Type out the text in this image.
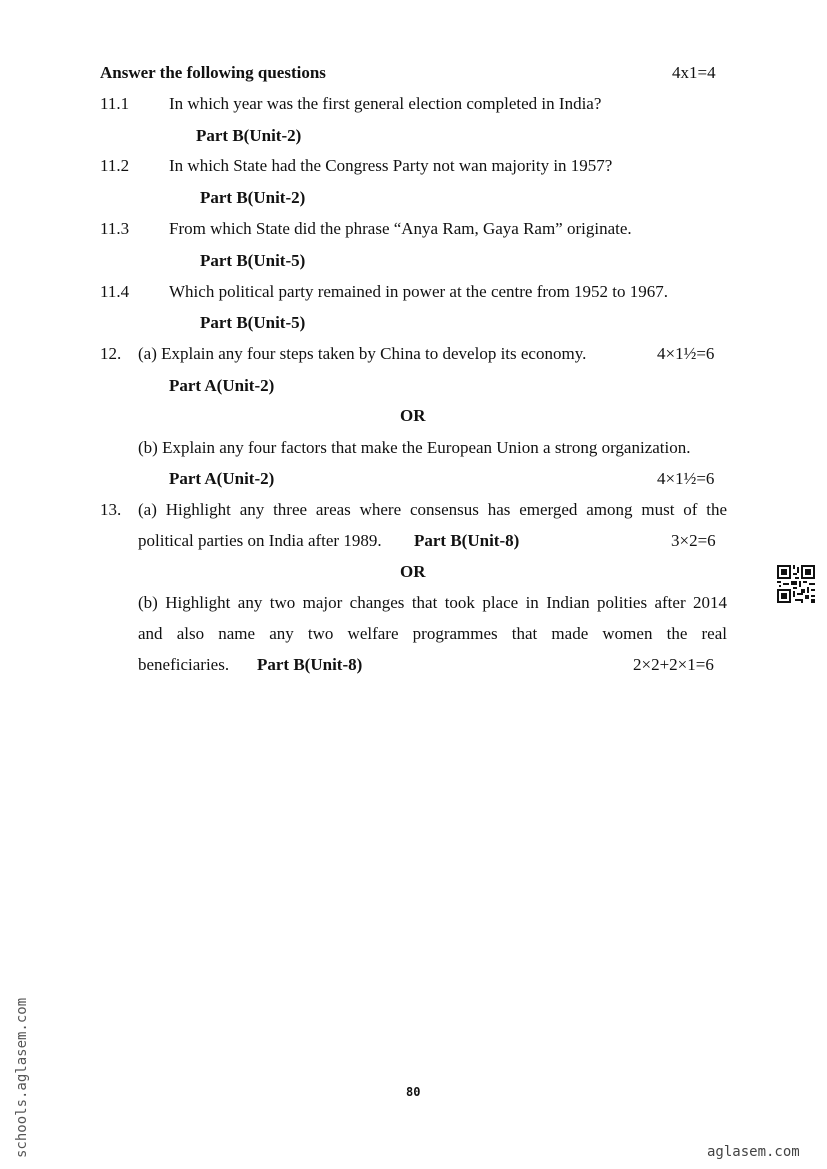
Answer the following questions	4x1=4
11.1 In which year was the first general election completed in India?
Part B(Unit-2)
11.2 In which State had the Congress Party not wan majority in 1957?
Part B(Unit-2)
11.3 From which State did the phrase “Anya Ram, Gaya Ram” originate.
Part B(Unit-5)
11.4 Which political party remained in power at the centre from 1952 to 1967.
Part B(Unit-5)
12. (a) Explain any four steps taken by China to develop its economy.	4×1½=6
Part A(Unit-2)
OR
(b) Explain any four factors that make the European Union a strong organization.
Part A(Unit-2)	4×1½=6
13. (a) Highlight any three areas where consensus has emerged among must of the
political parties on India after 1989. Part B(Unit-8)	3×2=6
OR
(b) Highlight any two major changes that took place in Indian polities after 2014
and also name any two welfare programmes that made women the real
beneficiaries. Part B(Unit-8)	2×2+2×1=6
80
aglasem.com
schools.aglasem.com
